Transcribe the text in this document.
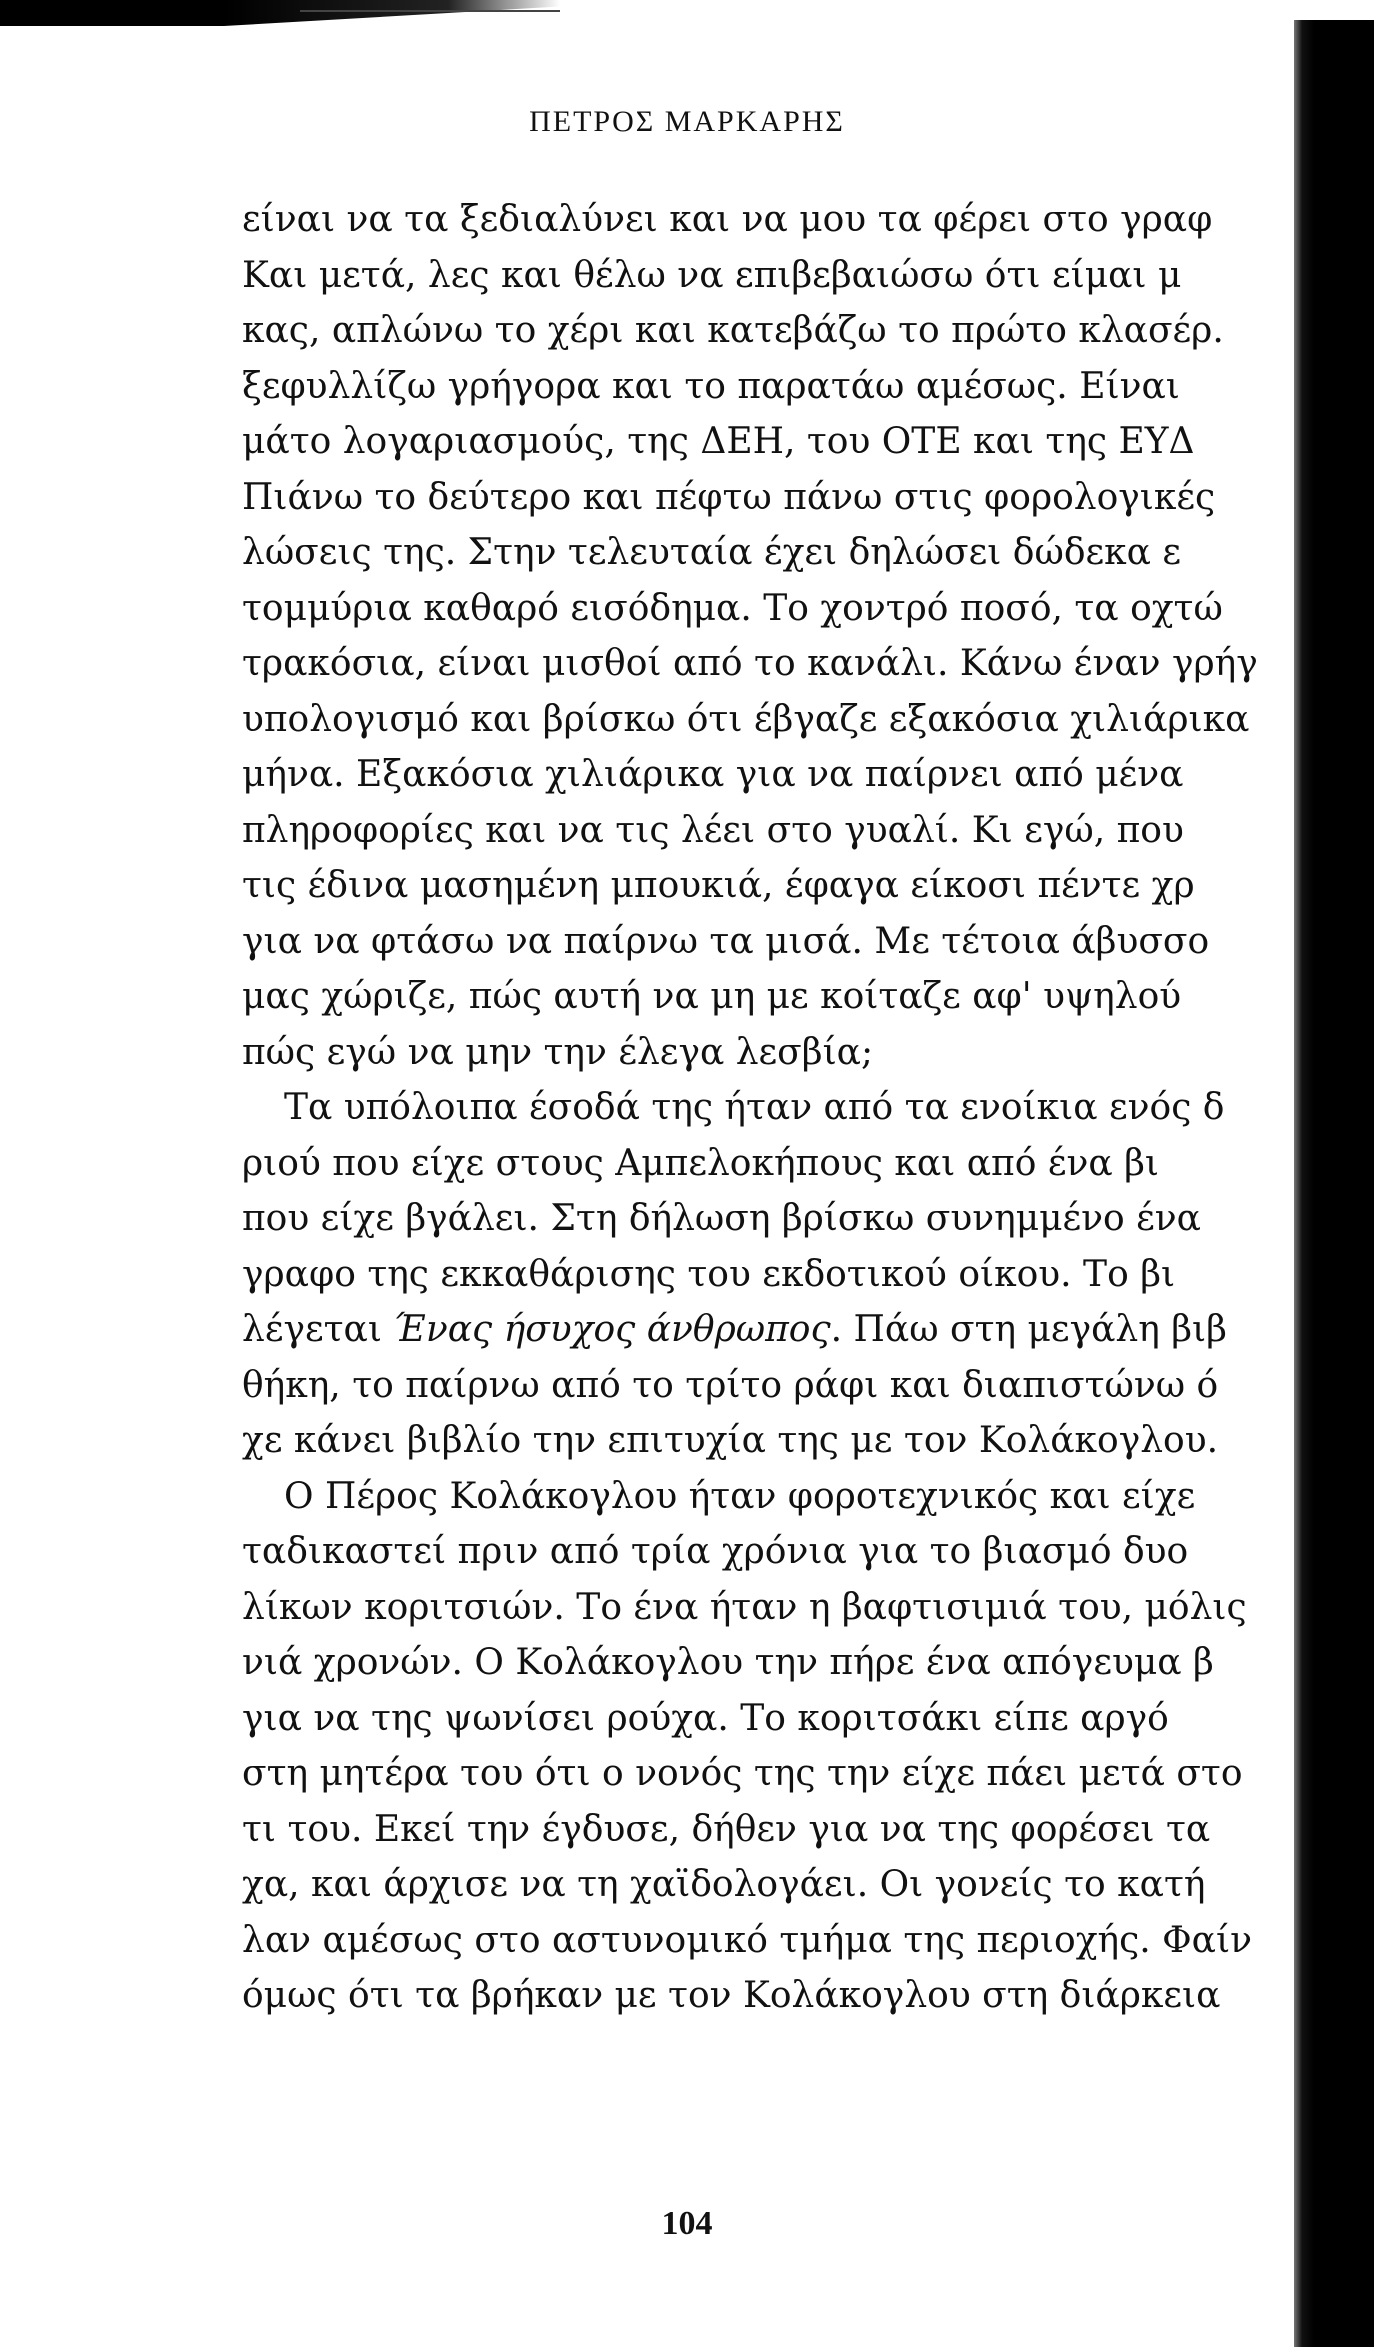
ΠΕΤΡΟΣ ΜΑΡΚΑΡΗΣ
είναι να τα ξεδιαλύνει και να μου τα φέρει στο γραφ
Και μετά, λες και θέλω να επιβεβαιώσω ότι είμαι μ
κας, απλώνω το χέρι και κατεβάζω το πρώτο κλασέρ.
ξεφυλλίζω γρήγορα και το παρατάω αμέσως. Είναι
μάτο λογαριασμούς, της ΔΕΗ, του ΟΤΕ και της ΕΥΔ
Πιάνω το δεύτερο και πέφτω πάνω στις φορολογικές
λώσεις της. Στην τελευταία έχει δηλώσει δώδεκα ε
τομμύρια καθαρό εισόδημα. Το χοντρό ποσό, τα οχτώ
τρακόσια, είναι μισθοί από το κανάλι. Κάνω έναν γρήγ
υπολογισμό και βρίσκω ότι έβγαζε εξακόσια χιλιάρικα
μήνα. Εξακόσια χιλιάρικα για να παίρνει από μένα
πληροφορίες και να τις λέει στο γυαλί. Κι εγώ, που
τις έδινα μασημένη μπουκιά, έφαγα είκοσι πέντε χρ
για να φτάσω να παίρνω τα μισά. Με τέτοια άβυσσο
μας χώριζε, πώς αυτή να μη με κοίταζε αφ' υψηλού
πώς εγώ να μην την έλεγα λεσβία;
Τα υπόλοιπα έσοδά της ήταν από τα ενοίκια ενός δ
ριού που είχε στους Αμπελοκήπους και από ένα βι
που είχε βγάλει. Στη δήλωση βρίσκω συνημμένο ένα
γραφο της εκκαθάρισης του εκδοτικού οίκου. Το βι
λέγεται Ένας ήσυχος άνθρωπος. Πάω στη μεγάλη βιβ
θήκη, το παίρνω από το τρίτο ράφι και διαπιστώνω ό
χε κάνει βιβλίο την επιτυχία της με τον Κολάκογλου.
Ο Πέρος Κολάκογλου ήταν φοροτεχνικός και είχε
ταδικαστεί πριν από τρία χρόνια για το βιασμό δυο
λίκων κοριτσιών. Το ένα ήταν η βαφτισιμιά του, μόλις
νιά χρονών. Ο Κολάκογλου την πήρε ένα απόγευμα β
για να της ψωνίσει ρούχα. Το κοριτσάκι είπε αργό
στη μητέρα του ότι ο νονός της την είχε πάει μετά στο
τι του. Εκεί την έγδυσε, δήθεν για να της φορέσει τα
χα, και άρχισε να τη χαϊδολογάει. Οι γονείς το κατή
λαν αμέσως στο αστυνομικό τμήμα της περιοχής. Φαίν
όμως ότι τα βρήκαν με τον Κολάκογλου στη διάρκεια
104
